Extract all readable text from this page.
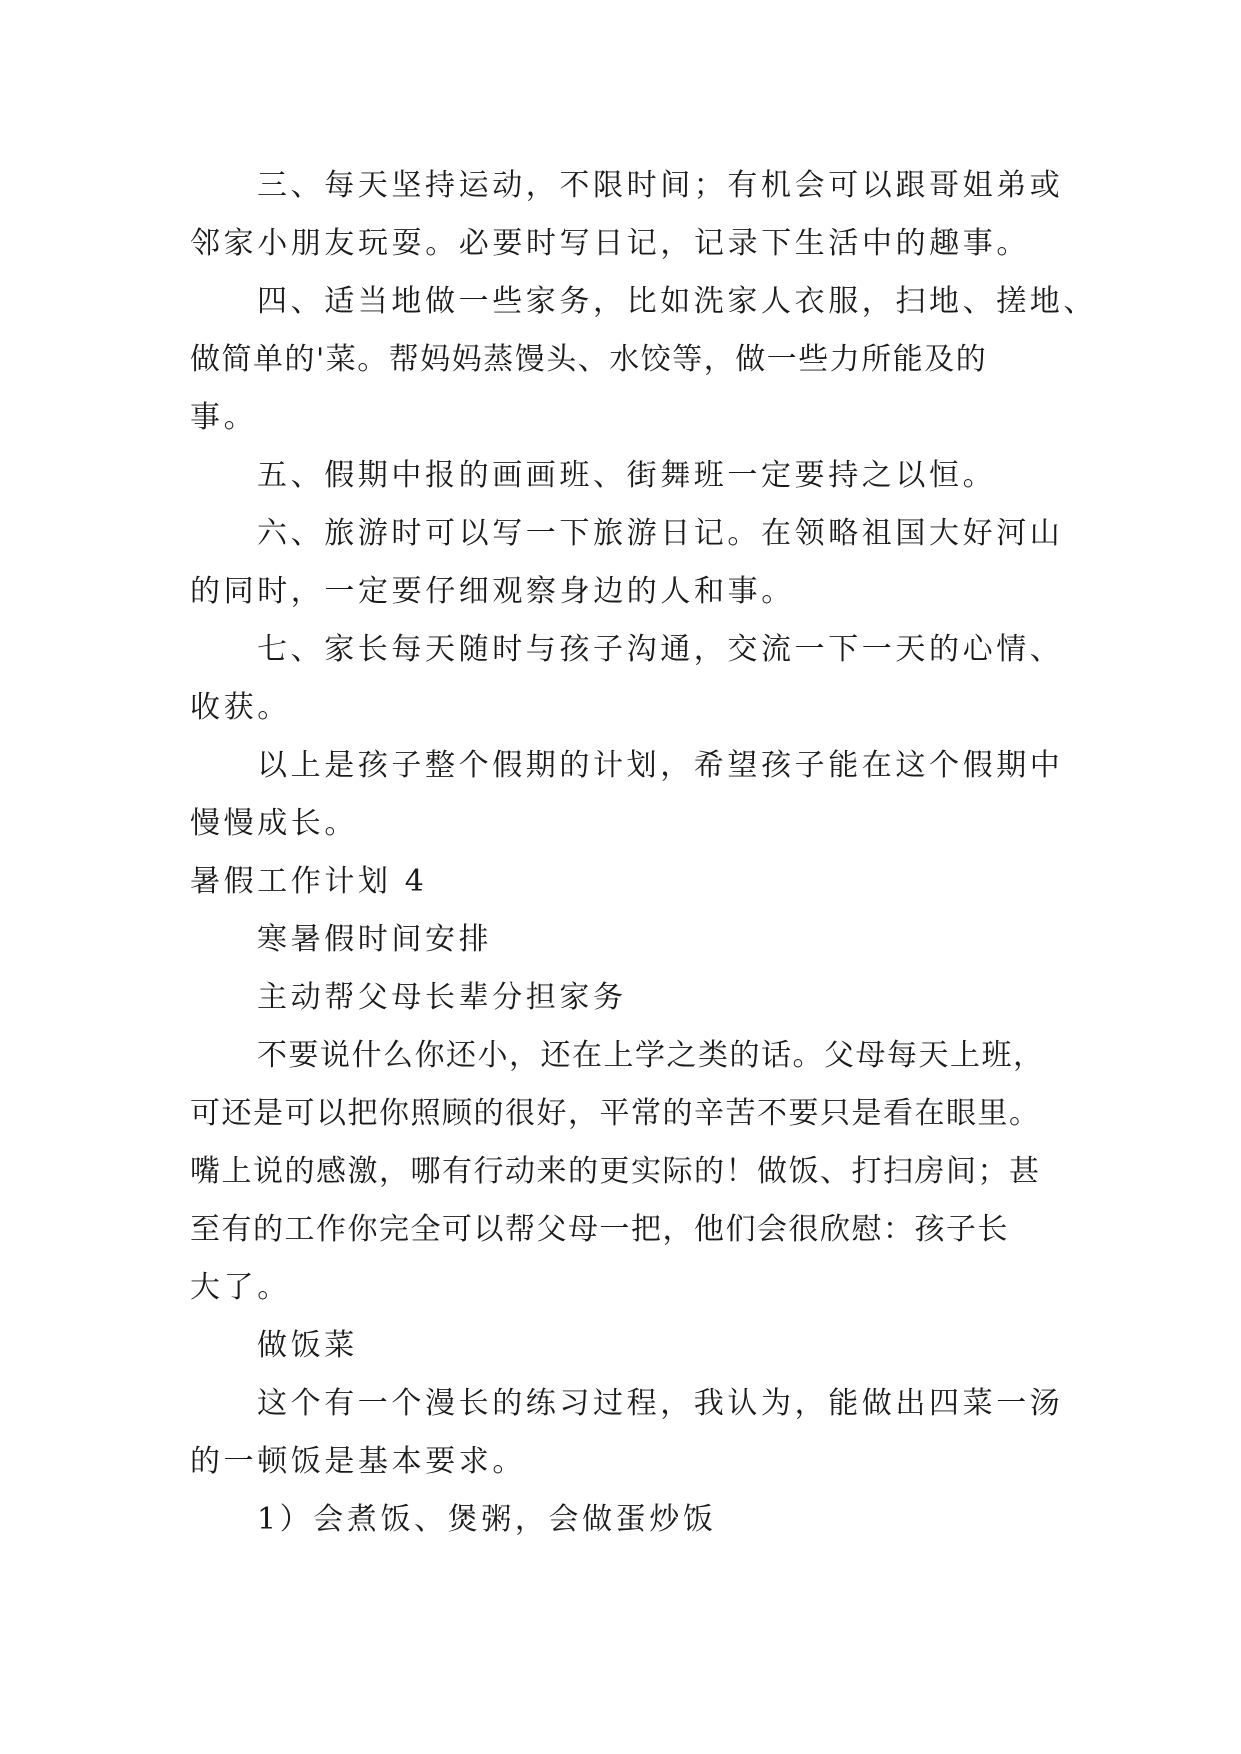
三、每天坚持运动，不限时间；有机会可以跟哥姐弟或
邻家小朋友玩耍。必要时写日记，记录下生活中的趣事。
四、适当地做一些家务，比如洗家人衣服，扫地、搓地、
做简单的'菜。帮妈妈蒸馒头、水饺等，做一些力所能及的
事。
五、假期中报的画画班、街舞班一定要持之以恒。
六、旅游时可以写一下旅游日记。在领略祖国大好河山
的同时，一定要仔细观察身边的人和事。
七、家长每天随时与孩子沟通，交流一下一天的心情、
收获。
以上是孩子整个假期的计划，希望孩子能在这个假期中
慢慢成长。
暑假工作计划 4
寒暑假时间安排
主动帮父母长辈分担家务
不要说什么你还小，还在上学之类的话。父母每天上班，
可还是可以把你照顾的很好，平常的辛苦不要只是看在眼里。
嘴上说的感激，哪有行动来的更实际的！做饭、打扫房间；甚
至有的工作你完全可以帮父母一把，他们会很欣慰：孩子长
大了。
做饭菜
这个有一个漫长的练习过程，我认为，能做出四菜一汤
的一顿饭是基本要求。
1）会煮饭、煲粥，会做蛋炒饭
